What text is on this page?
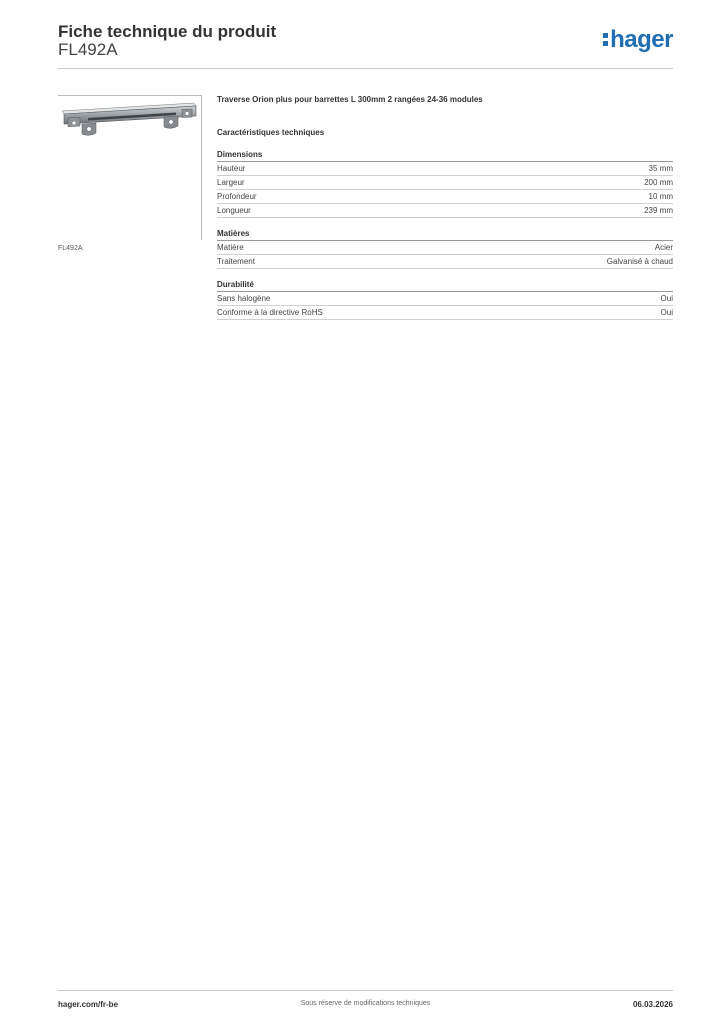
Fiche technique du produit
FL492A	hager
FL492A
Traverse Orion plus pour barrettes L 300mm 2 rangées 24-36 modules
Caractéristiques techniques
Dimensions
Hauteur	35 mm
Largeur	200 mm
Profondeur	10 mm
Longueur	239 mm
Matières
Matière	Acier
Traitement	Galvanisé à chaud
Durabilité
Sans halogène	Oui
Conforme à la directive RoHS	Oui
hager.com/fr-be	Sous réserve de modifications techniques	06.03.2026
